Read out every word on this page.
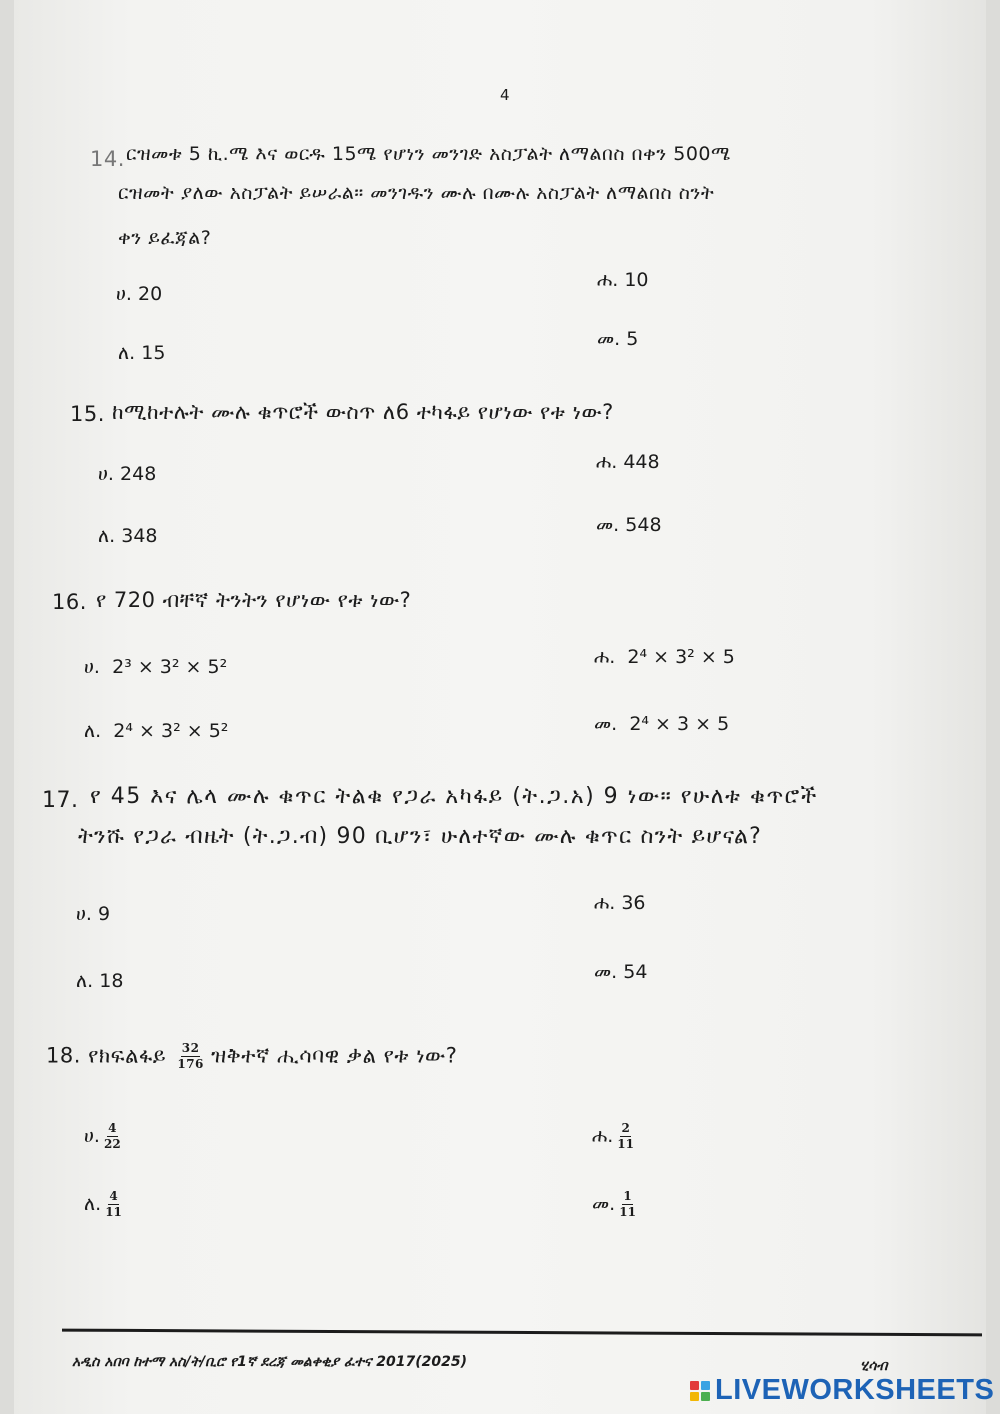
4
14. ርዝመቱ 5 ኪ.ሜ እና ወርዱ 15ሜ የሆነን መንገድ አስፓልት ለማልበስ በቀን 500ሜ
ርዝመት ያለው አስፓልት ይሠራል። መንገዱን ሙሉ በሙሉ አስፓልት ለማልበስ ስንት
ቀን ይፈጃል?
ሀ. 20
ሐ. 10
ለ. 15
መ. 5
15. ከሚከተሉት ሙሉ ቁጥሮች ውስጥ ለ6 ተካፋይ የሆነው የቱ ነው?
ሀ. 248
ሐ. 448
ለ. 348	መ. 548
16. የ 720 ብቸኛ ትንትን የሆነው የቱ ነው?
ሀ. 2³ × 3² × 5²	ሐ. 2⁴ × 3² × 5
ለ. 2⁴ × 3² × 5²	መ. 2⁴ × 3 × 5
17. የ 45 እና ሌላ ሙሉ ቁጥር ትልቁ የጋራ አካፋይ (ት.ጋ.አ) 9 ነው። የሁለቱ ቁጥሮች
ትንሹ የጋራ ብዜት (ት.ጋ.ብ) 90 ቢሆን፣ ሁለተኛው ሙሉ ቁጥር ስንት ይሆናል?
ሀ. 9	ሐ. 36
ለ. 18	መ. 54
18. የክፍልፋይ $\frac{32}{176}$ ዝቅተኛ ሒሳባዊ ቃል የቱ ነው?
ሀ. $\frac{4}{22}$	ሐ. $\frac{2}{11}$
ለ. $\frac{4}{11}$	መ. $\frac{1}{11}$
አዲስ አበባ ከተማ አስ/ት/ቢሮ የ1ኛ ደረጃ መልቀቂያ ፈተና 2017(2025)	ሂሳብ
LIVEWORKSHEETS
